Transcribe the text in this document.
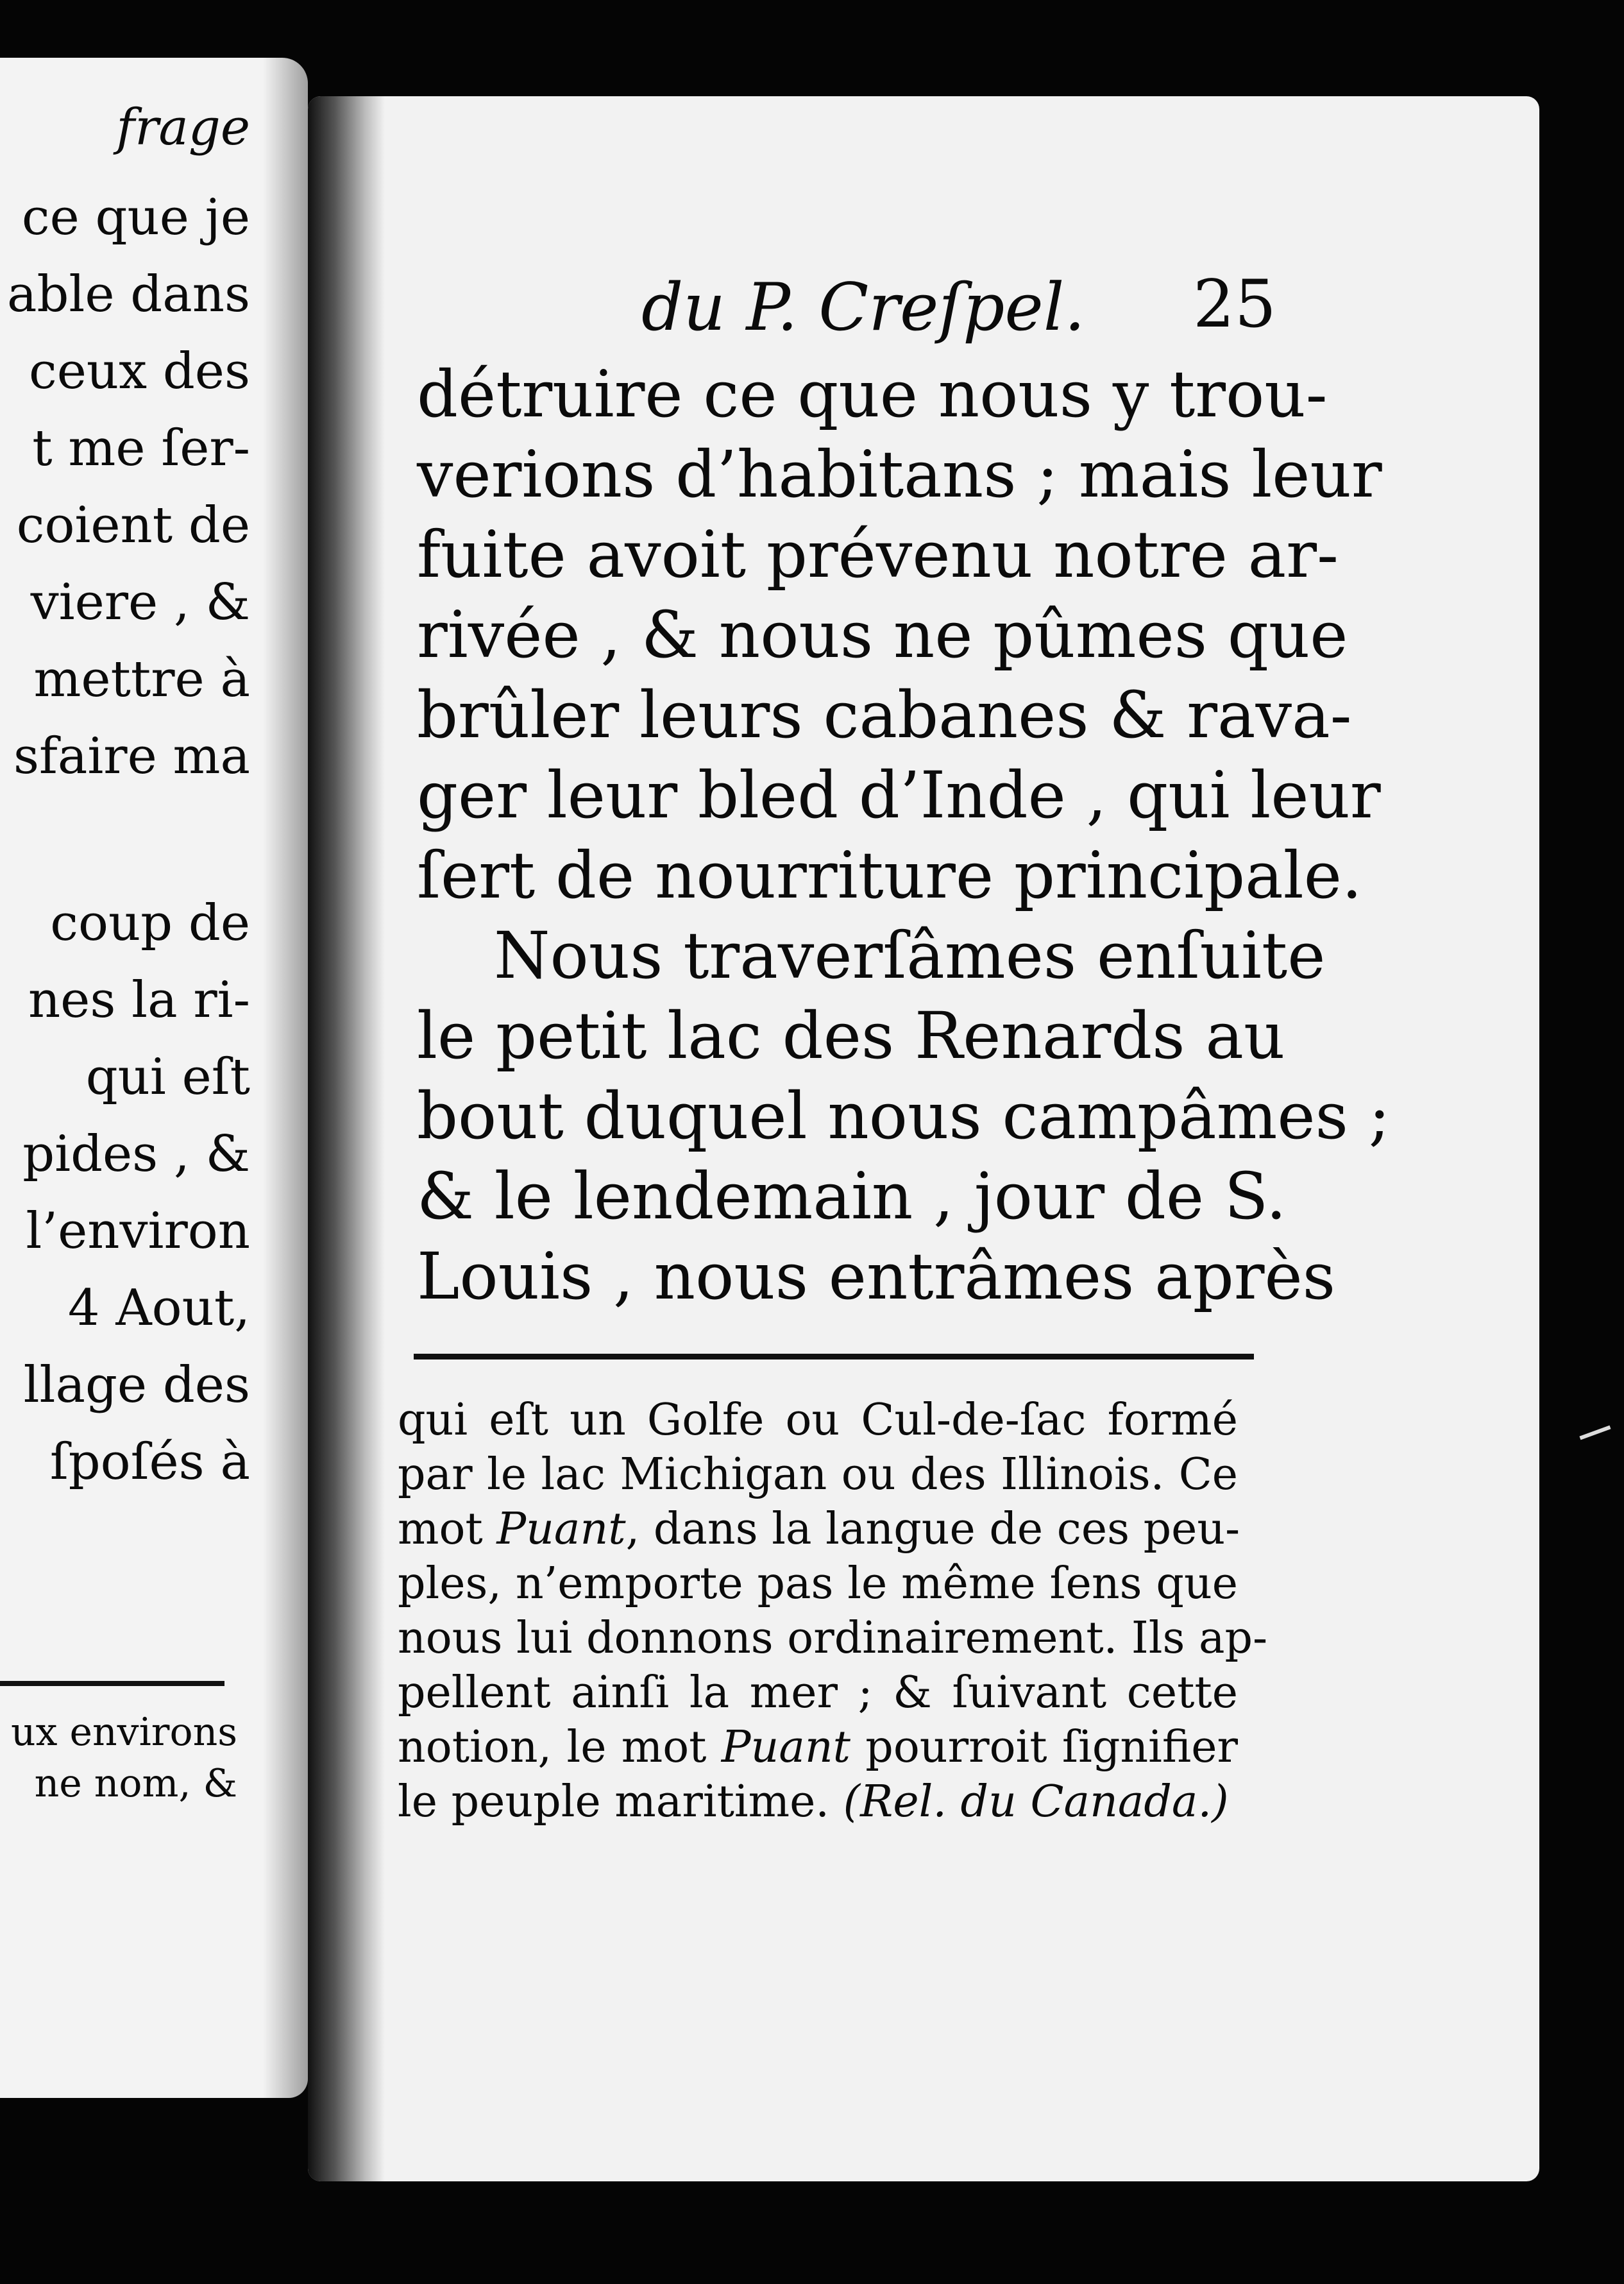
frage
ce que je
able dans
ceux des
t me ſer-
coient de
viere , &
mettre à
sfaire ma
coup de
nes la ri-
qui eſt
pides , &
l’environ
4 Aout,
llage des
ſpoſés à
ux environs
ne nom, &
du P. Creſpel. 25
détruire ce que nous y trou-
verions d’habitans ; mais leur
fuite avoit prévenu notre ar-
rivée , & nous ne pûmes que
brûler leurs cabanes & rava-
ger leur bled d’Inde , qui leur
ſert de nourriture principale.
Nous traverſâmes enſuite
le petit lac des Renards au
bout duquel nous campâmes ;
& le lendemain , jour de S.
Louis , nous entrâmes après
qui eſt un Golfe ou Cul-de-ſac formé
par le lac Michigan ou des Illinois. Ce
mot Puant, dans la langue de ces peu-
ples, n’emporte pas le même ſens que
nous lui donnons ordinairement. Ils ap-
pellent ainſi la mer ; & ſuivant cette
notion, le mot Puant pourroit ſignifier
le peuple maritime. (Rel. du Canada.)
